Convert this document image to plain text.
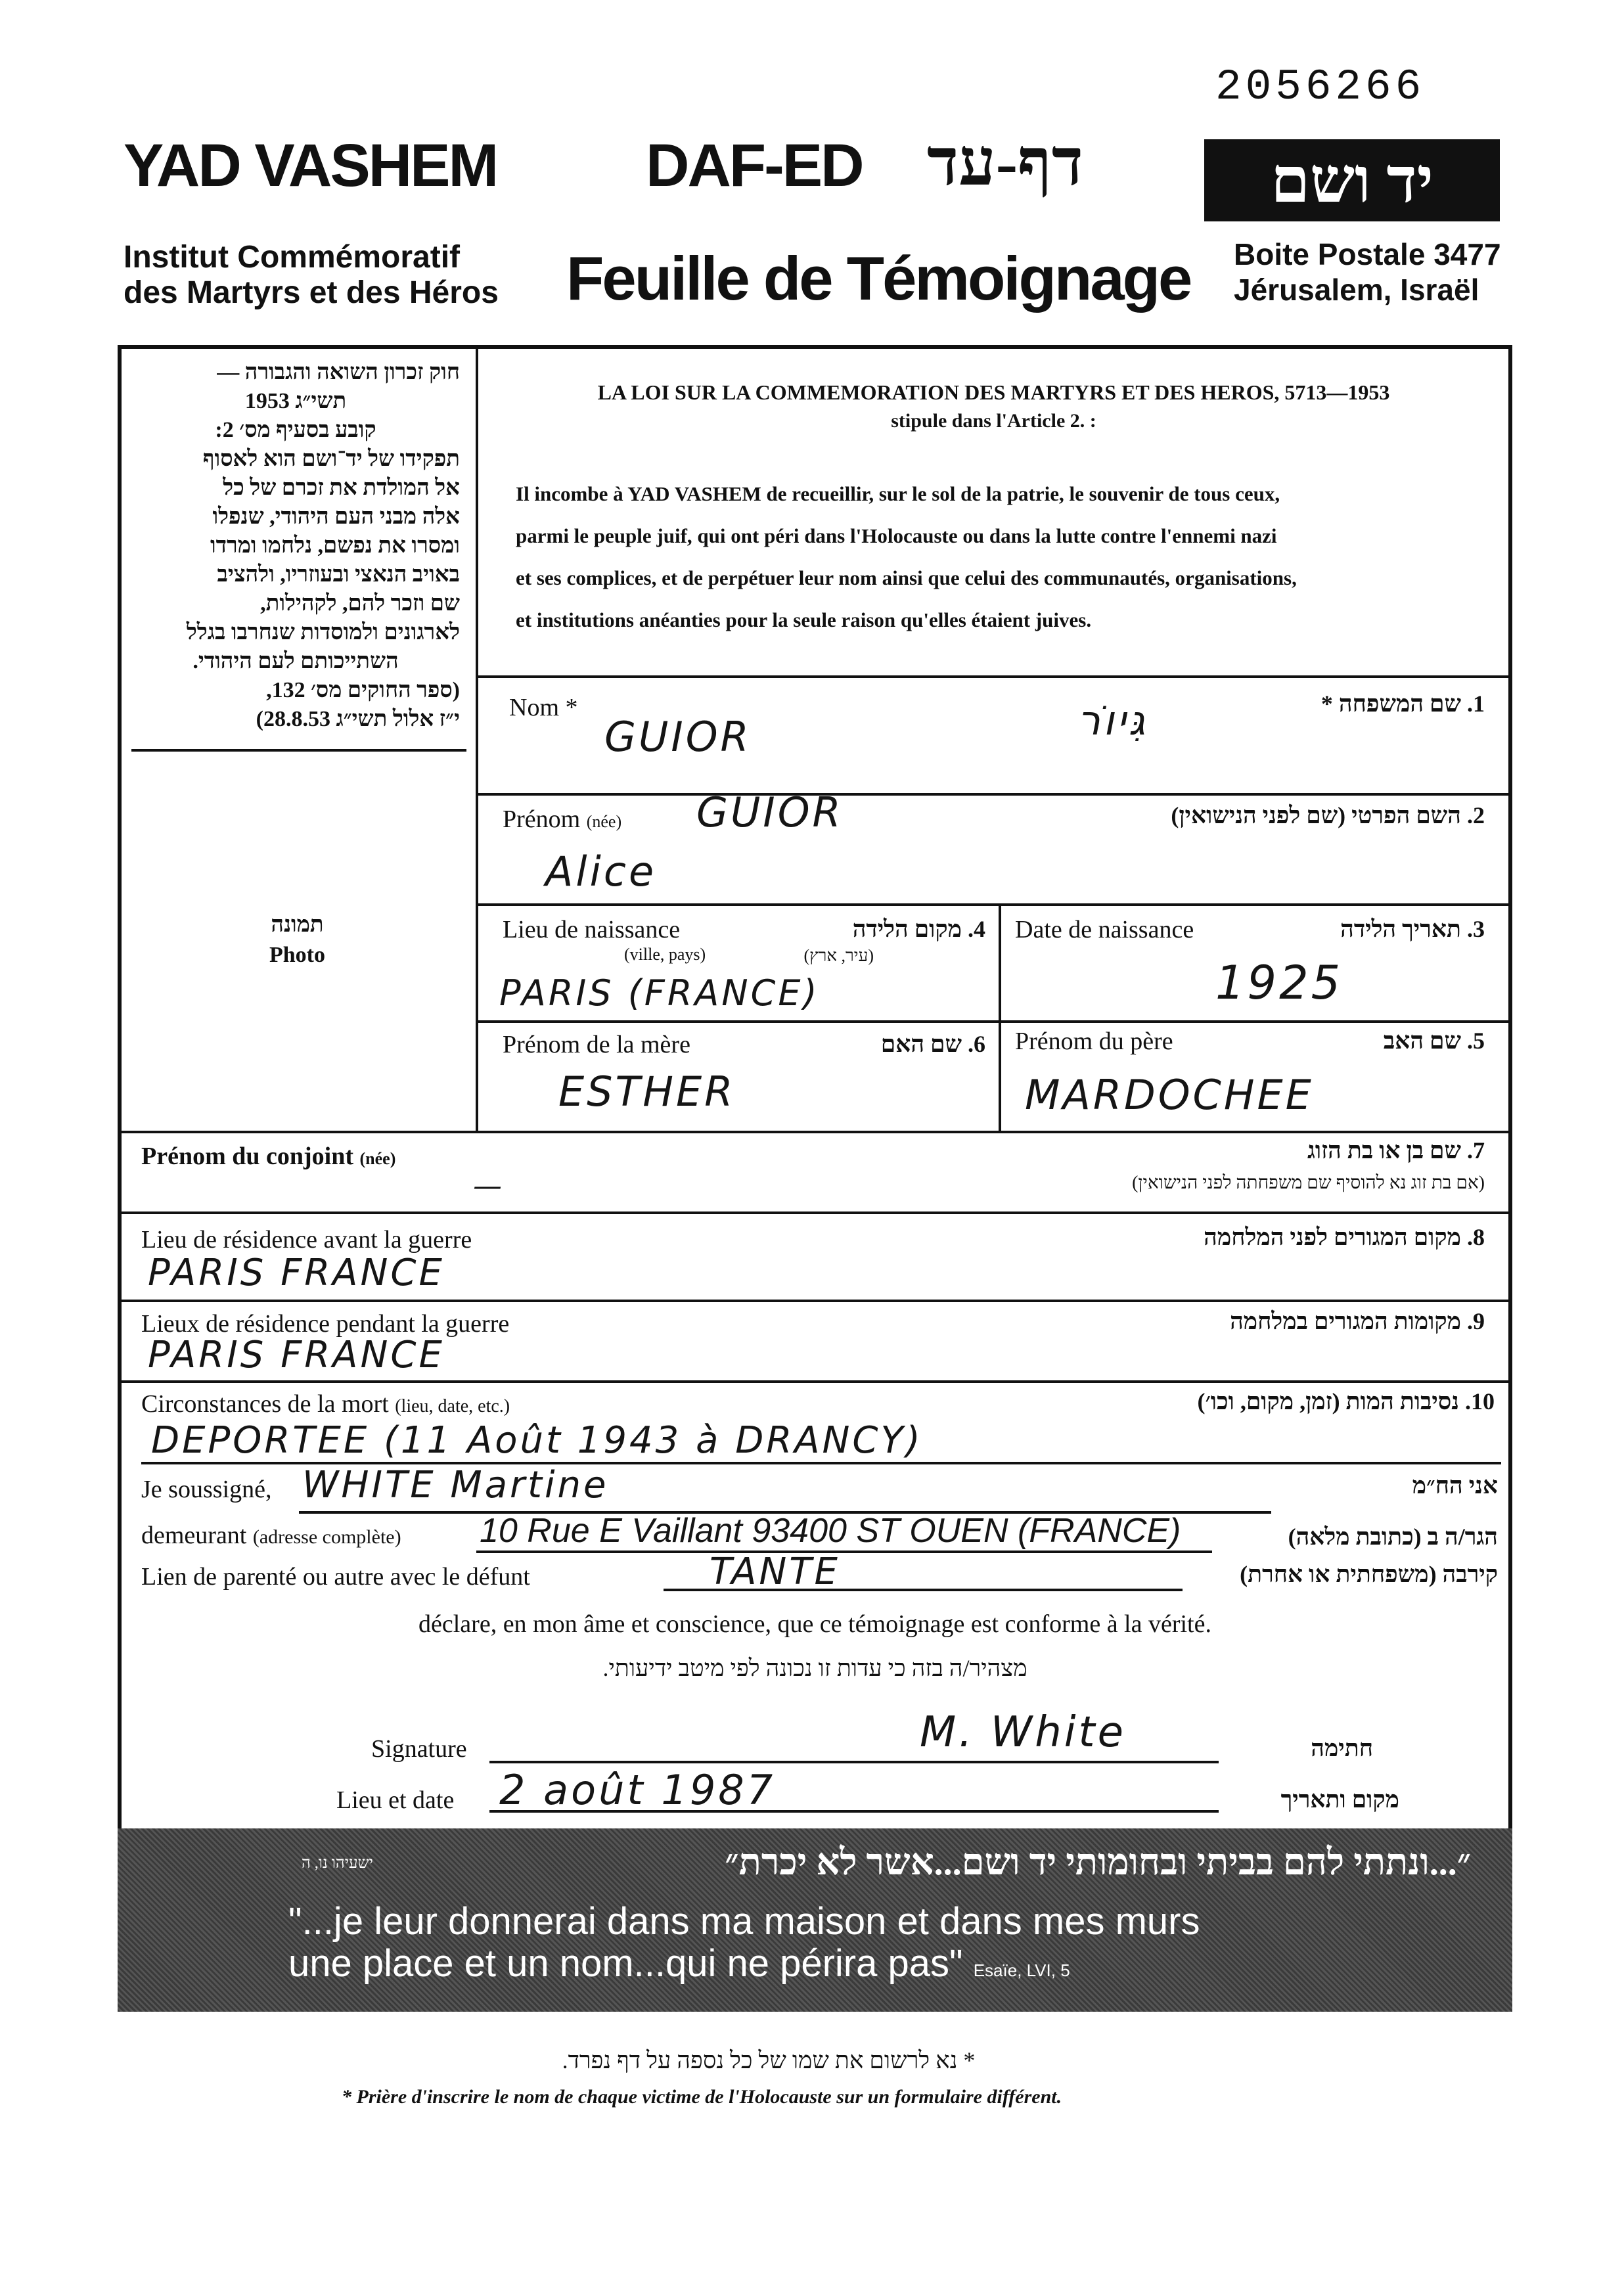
2056266
YAD VASHEM DAF-ED דף-עד	יד ושם
Institut Commémoratif
des Martyrs et des Héros Feuille de Témoignage Boite Postale 3477
Jérusalem, Israël
חוק זכרון השואה והגבורה —
תשי״ג 1953
קובע בסעיף מס׳ 2:
תפקידו של יד־ושם הוא לאסוף
אל המולדת את זכרם של כל
אלה מבני העם היהודי, שנפלו
ומסרו את נפשם, נלחמו ומרדו
באויב הנאצי ובעוזריו, ולהציב
שם וזכר להם, לקהילות,
לארגונים ולמוסדות שנחרבו בגלל
השתייכותם לעם היהודי.
(ספר החוקים מס׳ 132,
י״ז אלול תשי״ג 28.8.53)
תמונה
Photo
LA LOI SUR LA COMMEMORATION DES MARTYRS ET DES HEROS, 5713—1953
stipule dans l'Article 2. :
Il incombe à YAD VASHEM de recueillir, sur le sol de la patrie, le souvenir de tous ceux,
parmi le peuple juif, qui ont péri dans l'Holocauste ou dans la lutte contre l'ennemi nazi
et ses complices, et de perpétuer leur nom ainsi que celui des communautés, organisations,
et institutions anéanties pour la seule raison qu'elles étaient juives.
Nom *	1. שם המשפחה *
GUIOR	גִּיוֹר
Prénom (née)	2. השם הפרטי (שם לפני הנישואין)
GUIOR
Alice
Lieu de naissance
(ville, pays)
4. מקום הלידה
(עיר, ארץ)
PARIS (FRANCE)
Date de naissance	3. תאריך הלידה
1925
Prénom de la mère	6. שם האם
ESTHER
Prénom du père	5. שם האב
MARDOCHEE
Prénom du conjoint (née)	7. שם בן או בת הזוג
(אם בת זוג נא להוסיף שם משפחתה לפני הנישואין)
—
Lieu de résidence avant la guerre	8. מקום המגורים לפני המלחמה
PARIS FRANCE
Lieux de résidence pendant la guerre	9. מקומות המגורים במלחמה
PARIS FRANCE
Circonstances de la mort (lieu, date, etc.)	10. נסיבות המות (זמן, מקום, וכו׳)
DEPORTEE (11 Août 1943 à DRANCY)
Je soussigné, WHITE Martine	אני הח״מ
demeurant (adresse complète) 10 Rue E Vaillant 93400 ST OUEN (FRANCE)	הגר/ה ב (כתובת מלאה)
Lien de parenté ou autre avec le défunt	TANTE	קירבה (משפחתית או אחרת)
déclare, en mon âme et conscience, que ce témoignage est conforme à la vérité.
מצהיר/ה בזה כי עדות זו נכונה לפי מיטב ידיעותי.
Signature	M. White	חתימה
Lieu et date 2 août 1987	מקום ותאריך
״...ונתתי להם בביתי ובחומותי יד ושם...אשר לא יכרת״
ישעיהו נו, ה
"...je leur donnerai dans ma maison et dans mes murs
une place et un nom...qui ne périra pas" Esaïe, LVI, 5
* נא לרשום את שמו של כל נספה על דף נפרד.
* Prière d'inscrire le nom de chaque victime de l'Holocauste sur un formulaire différent.
